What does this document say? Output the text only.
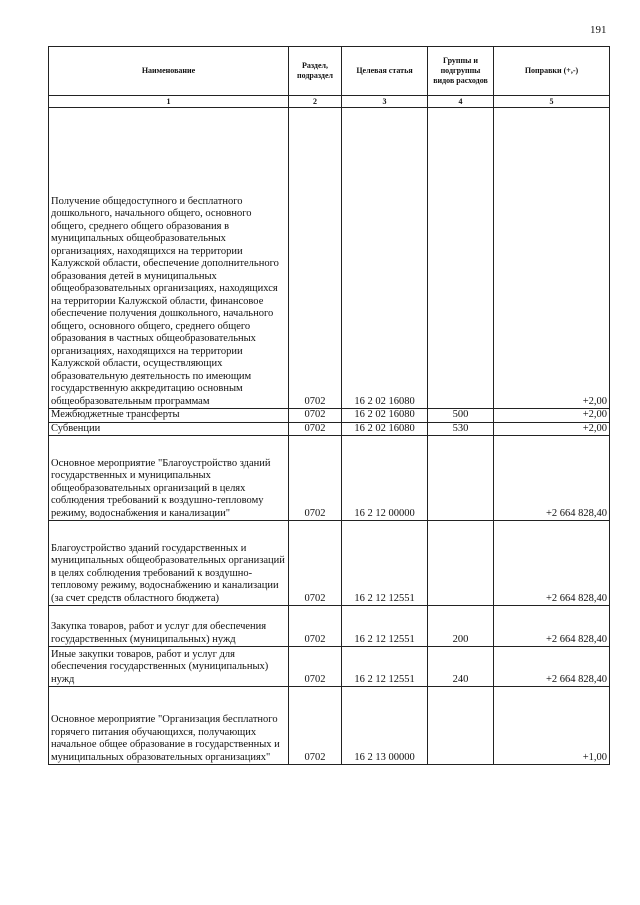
191
Наименование	Раздел, подраздел	Целевая статья	Группы и подгруппы видов расходов	Поправки (+,-)
1	2	3	4	5
Получение общедоступного и бесплатного дошкольного, начального общего, основного общего, среднего общего образования в муниципальных общеобразовательных организациях, находящихся на территории Калужской области, обеспечение дополнительного образования детей в муниципальных общеобразовательных организациях, находящихся на территории Калужской области, финансовое обеспечение получения дошкольного, начального общего, основного общего, среднего общего образования в частных общеобразовательных организациях, находящихся на территории Калужской области, осуществляющих образовательную деятельность по имеющим государственную аккредитацию основным общеобразовательным программам	0702	16 2 02 16080		+2,00
Межбюджетные трансферты	0702	16 2 02 16080	500	+2,00
Субвенции	0702	16 2 02 16080	530	+2,00
Основное мероприятие "Благоустройство зданий государственных и муниципальных общеобразовательных организаций в целях соблюдения требований к воздушно-тепловому режиму, водоснабжения и канализации"	0702	16 2 12 00000		+2 664 828,40
Благоустройство зданий государственных и муниципальных общеобразовательных организаций в целях соблюдения требований к воздушно-тепловому режиму, водоснабжению и канализации (за счет средств областного бюджета)	0702	16 2 12 12551		+2 664 828,40
Закупка товаров, работ и услуг для обеспечения государственных (муниципальных) нужд	0702	16 2 12 12551	200	+2 664 828,40
Иные закупки товаров, работ и услуг для обеспечения государственных (муниципальных) нужд	0702	16 2 12 12551	240	+2 664 828,40
Основное мероприятие "Организация бесплатного горячего питания обучающихся, получающих начальное общее образование в государственных и муниципальных образовательных организациях"	0702	16 2 13 00000		+1,00
